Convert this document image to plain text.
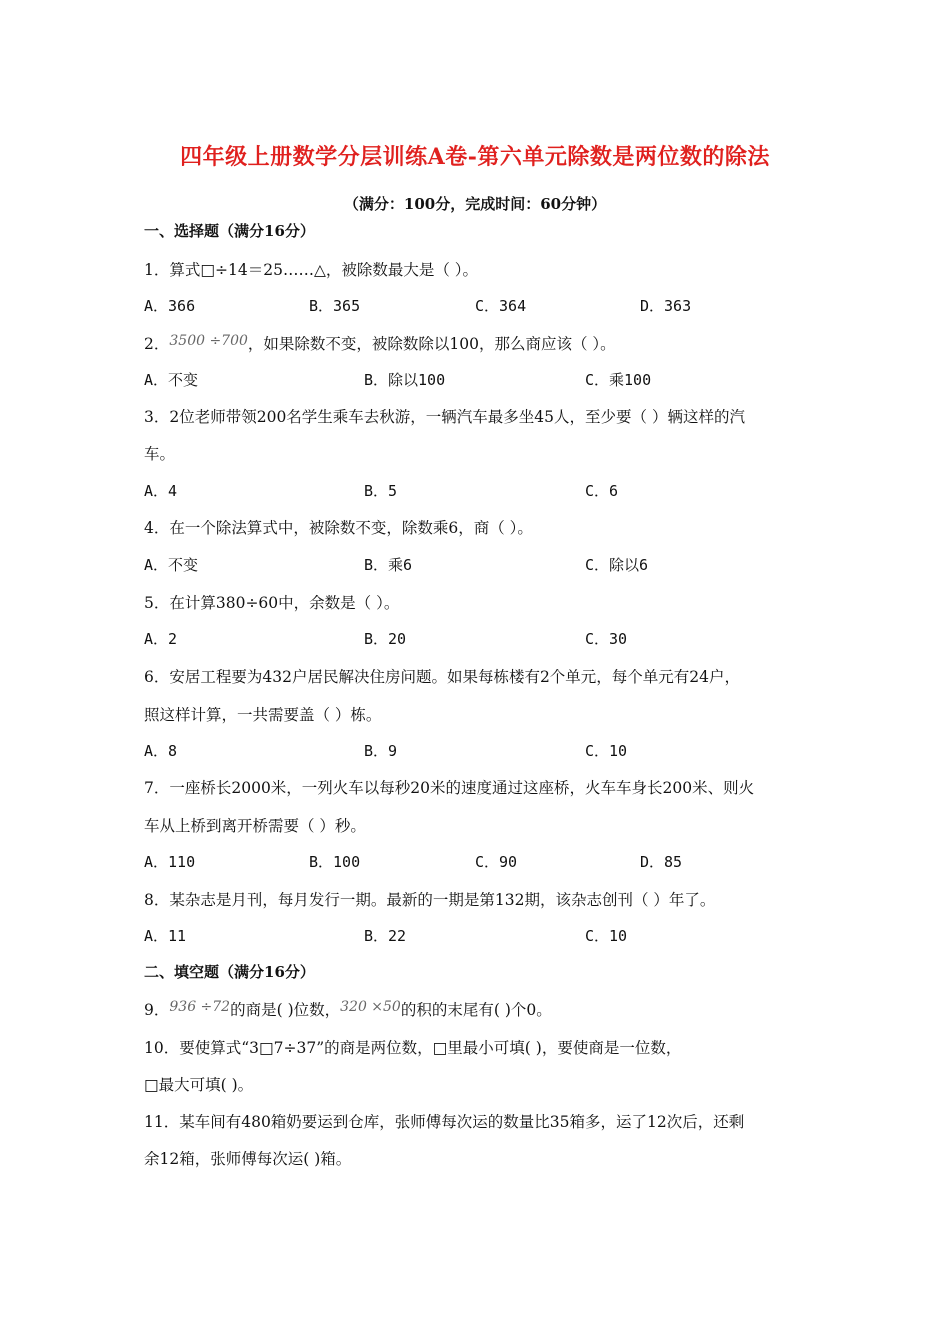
四年级上册数学分层训练A卷-第六单元除数是两位数的除法
（满分：100分，完成时间：60分钟）
一、选择题（满分16分）
1．算式□÷14＝25……△，被除数最大是（ ）。
A．366	B．365	C．364	D．363
2．3500 ÷700，如果除数不变，被除数除以100，那么商应该（ ）。
A．不变	B．除以100	C．乘100
3．2位老师带领200名学生乘车去秋游，一辆汽车最多坐45人，至少要（ ）辆这样的汽
车。
A．4	B．5	C．6
4．在一个除法算式中，被除数不变，除数乘6，商（ ）。
A．不变	B．乘6	C．除以6
5．在计算380÷60中，余数是（ ）。
A．2	B．20	C．30
6．安居工程要为432户居民解决住房问题。如果每栋楼有2个单元，每个单元有24户，
照这样计算，一共需要盖（ ）栋。
A．8	B．9	C．10
7．一座桥长2000米，一列火车以每秒20米的速度通过这座桥，火车车身长200米、则火
车从上桥到离开桥需要（ ）秒。
A．110	B．100	C．90	D．85
8．某杂志是月刊，每月发行一期。最新的一期是第132期，该杂志创刊（ ）年了。
A．11	B．22	C．10
二、填空题（满分16分）
9．936 ÷72的商是( )位数，320 ×50的积的末尾有( )个0。
10．要使算式“3□7÷37”的商是两位数，□里最小可填( )，要使商是一位数，
□最大可填( )。
11．某车间有480箱奶要运到仓库，张师傅每次运的数量比35箱多，运了12次后，还剩
余12箱，张师傅每次运( )箱。
